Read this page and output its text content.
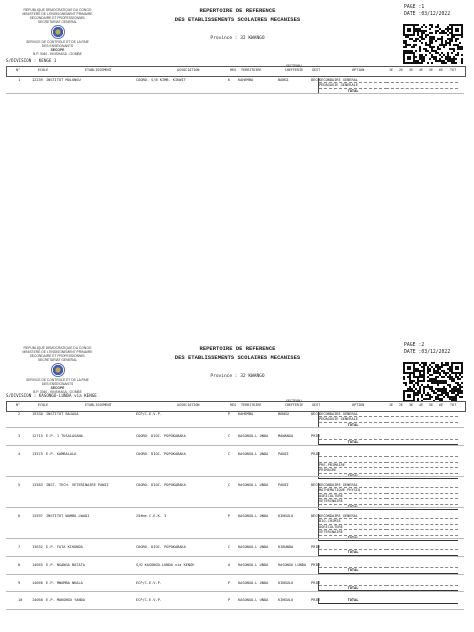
REPUBLIQUE DEMOCRATIQUE DU CONGO
MINISTERE DE L'ENSEIGNEMENT PRIMAIRE
SECONDAIRE ET PROFESSIONNEL
SECRETARIAT GENERAL
SERVICE DE CONTROLE ET DE LA PAIE
DES ENSEIGNANTS
SECOPE
B.P. 3040 - KINSHASA - GOMBE
REPERTOIRE DE REFERENCE
DES ETABLISSEMENTS SCOLAIRES MECANISES
Province : 32 KWANGO
PAGE :1
DATE :03/12/2022
S/DIVISION : KENGE 1
N°	ECOLE	ETABLISSEMENT	ASSOCIATION	REG TERRITOIRE
SECTEUR/ CHEFFERIE	GEST	OPTION	1E 2E 3E 4E 5E 6E TOT
1	12239 INSTITUT MOLUNGU	COORD. S/B KIMB. KIKWIT	K KAHEMBA	BANGI	DECO SECONDAIRE GENERAL
PEDAGOGIE GENERALE
TOTAL
REPUBLIQUE DEMOCRATIQUE DU CONGO
MINISTERE DE L'ENSEIGNEMENT PRIMAIRE
SECONDAIRE ET PROFESSIONNEL
SECRETARIAT GENERAL
SERVICE DE CONTROLE ET DE LA PAIE
DES ENSEIGNANTS
SECOPE
B.P. 3040 - KINSHASA - GOMBE
REPERTOIRE DE REFERENCE
DES ETABLISSEMENTS SCOLAIRES MECANISES
Province : 32 KWANGO
PAGE :2
DATE :03/12/2022
S/DIVISION : KASONGO-LUNDA via KENGE
N°	ECOLE	ETABLISSEMENT	ASSOCIATION	REG TERRITOIRE
SECTEUR/ CHEFFERIE	GEST	OPTION	1E 2E 3E 4E 5E 6E TOT
2	19330 INSTITUT BAJASA	ECP/C.E.V.P.	P KAHEMBA	BUNGU	DECO SECONDAIRE GENERAL
PEDAGOGIE GENERALE
TOTAL
3	12715 E.P. 1 TUSALASANA	COORD. DIOC. POPOKABAKA	C KASONGO-L UNDA	MAWANGA	PRIM
TOTAL
4	13575 E.P. KAMBALALA	COORD. DIOC. POPOKABAKA	C KASONGO-L UNDA	PANZI	PRIM
PRE-PRIMAIRE
PRIMAIRE
TOTAL
5	13583 INST. TECH. VETERINAIRE PANZI	COORD. DIOC. POPOKABAKA	C KASONGO-L UNDA	PANZI	DECO SECONDAIRE GENERAL
MATHEMATIQUE PHYSIQ
AGRICULTURE
VETERINAIRE
TOTAL
6	13597 INSTITUT WAMBA LWADI	25ème C.E.K. 3	P KASONGO-L UNDA	KINGULU	DECO SECONDAIRE GENERAL
BIO-CHIMIE
AGRICULTURE
VETERINAIRE
TOTAL
7	13632 E.P. FATA KIKUNDA	COORD. DIOC. POPOKABAKA	C KASONGO-L UNDA	KIBUNDA	PRIM
TOTAL
8	14055 E.P. NGANGA BATATA	S/D KASONGO-LUNDA via KENGE	U KASONGO-L UNDA	KASONGO LUNDA	PRIM
TOTAL
9	14056 E.P. MWAMBA NKALA	ECP/C.E.V.P.	P KASONGO-L UNDA	KINGULU	PRIM
TOTAL
10	14058 E.P. MAKONGO YANDA	ECP/C.E.V.P.	P KASONGO-L UNDA	KINGULU	PRIM	TOTAL
